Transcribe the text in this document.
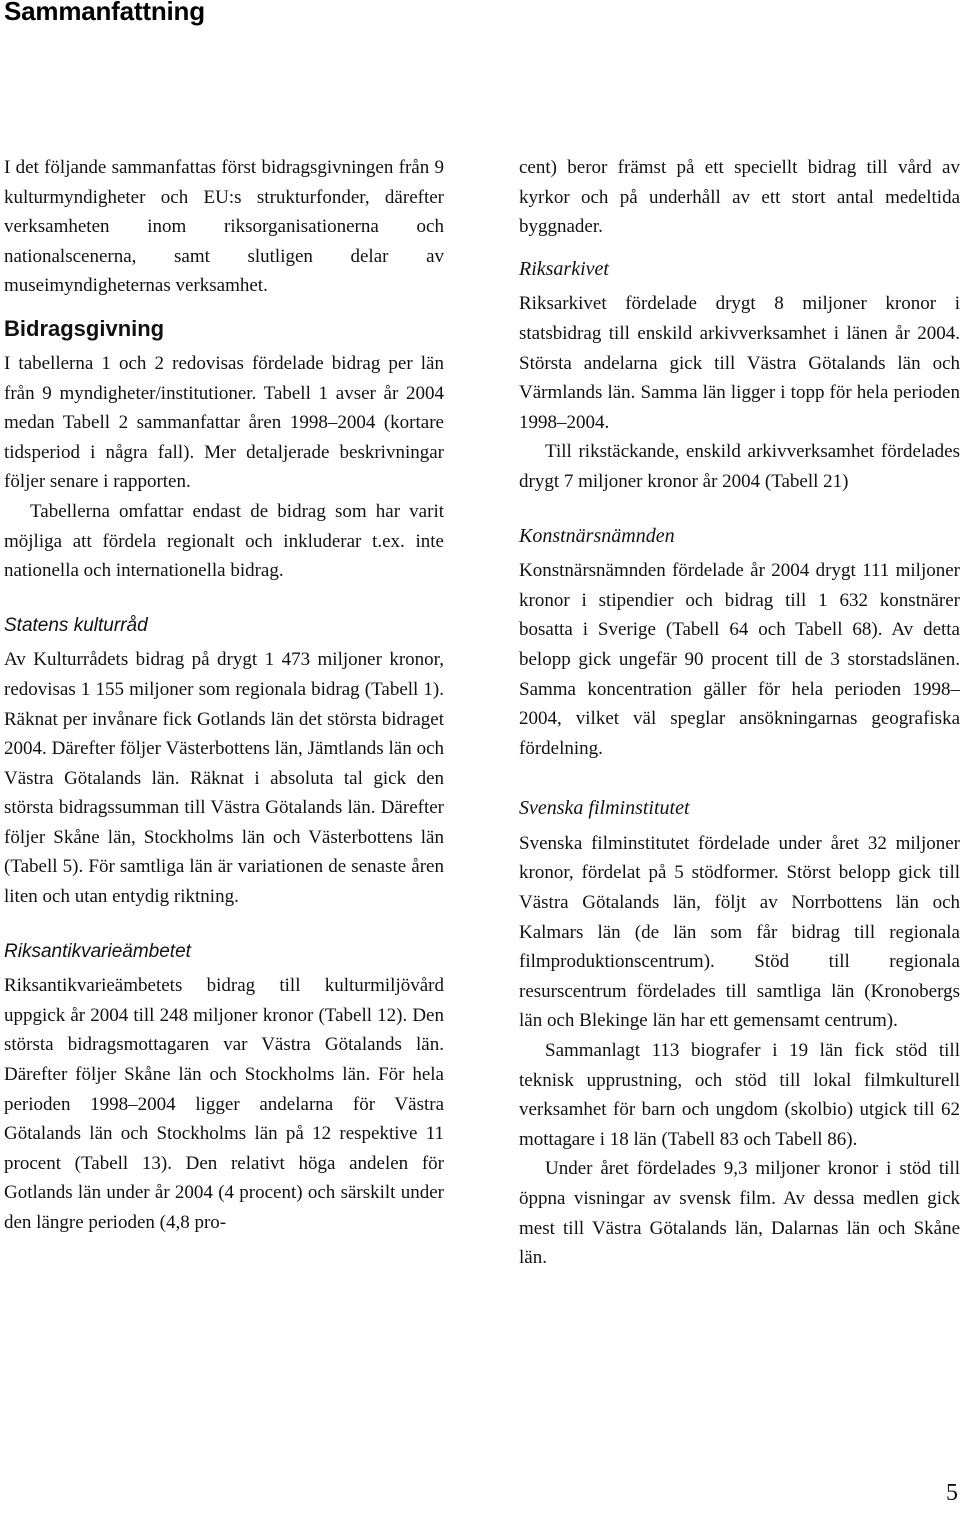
Sammanfattning

I det följande sammanfattas först bidragsgivningen från 9 kulturmyndigheter och EU:s strukturfonder, därefter verksamheten inom riksorganisationerna och nationalscenerna, samt slutligen delar av museimyndigheternas verksamhet.

Bidragsgivning

I tabellerna 1 och 2 redovisas fördelade bidrag per län från 9 myndigheter/institutioner. Tabell 1 avser år 2004 medan Tabell 2 sammanfattar åren 1998–2004 (kortare tidsperiod i några fall). Mer detaljerade beskrivningar följer senare i rapporten.

Tabellerna omfattar endast de bidrag som har varit möjliga att fördela regionalt och inkluderar t.ex. inte nationella och internationella bidrag.

Statens kulturråd

Av Kulturrådets bidrag på drygt 1 473 miljoner kronor, redovisas 1 155 miljoner som regionala bidrag (Tabell 1). Räknat per invånare fick Gotlands län det största bidraget 2004. Därefter följer Västerbottens län, Jämtlands län och Västra Götalands län. Räknat i absoluta tal gick den största bidragssumman till Västra Götalands län. Därefter följer Skåne län, Stockholms län och Västerbottens län (Tabell 5). För samtliga län är variationen de senaste åren liten och utan entydig riktning.

Riksantikvarieämbetet

Riksantikvarieämbetets bidrag till kulturmiljövård uppgick år 2004 till 248 miljoner kronor (Tabell 12). Den största bidragsmottagaren var Västra Götalands län. Därefter följer Skåne län och Stockholms län. För hela perioden 1998–2004 ligger andelarna för Västra Götalands län och Stockholms län på 12 respektive 11 procent (Tabell 13). Den relativt höga andelen för Gotlands län under år 2004 (4 procent) och särskilt under den längre perioden (4,8 pro-

cent) beror främst på ett speciellt bidrag till vård av kyrkor och på underhåll av ett stort antal medeltida byggnader.

Riksarkivet

Riksarkivet fördelade drygt 8 miljoner kronor i statsbidrag till enskild arkivverksamhet i länen år 2004. Största andelarna gick till Västra Götalands län och Värmlands län. Samma län ligger i topp för hela perioden 1998–2004.

Till rikstäckande, enskild arkivverksamhet fördelades drygt 7 miljoner kronor år 2004 (Tabell 21)

Konstnärsnämnden

Konstnärsnämnden fördelade år 2004 drygt 111 miljoner kronor i stipendier och bidrag till 1 632 konstnärer bosatta i Sverige (Tabell 64 och Tabell 68). Av detta belopp gick ungefär 90 procent till de 3 storstadslänen. Samma koncentration gäller för hela perioden 1998–2004, vilket väl speglar ansökningarnas geografiska fördelning.

Svenska filminstitutet

Svenska filminstitutet fördelade under året 32 miljoner kronor, fördelat på 5 stödformer. Störst belopp gick till Västra Götalands län, följt av Norrbottens län och Kalmars län (de län som får bidrag till regionala filmproduktionscentrum). Stöd till regionala resurscentrum fördelades till samtliga län (Kronobergs län och Blekinge län har ett gemensamt centrum).

Sammanlagt 113 biografer i 19 län fick stöd till teknisk upprustning, och stöd till lokal filmkulturell verksamhet för barn och ungdom (skolbio) utgick till 62 mottagare i 18 län (Tabell 83 och Tabell 86).

Under året fördelades 9,3 miljoner kronor i stöd till öppna visningar av svensk film. Av dessa medlen gick mest till Västra Götalands län, Dalarnas län och Skåne län.

5
